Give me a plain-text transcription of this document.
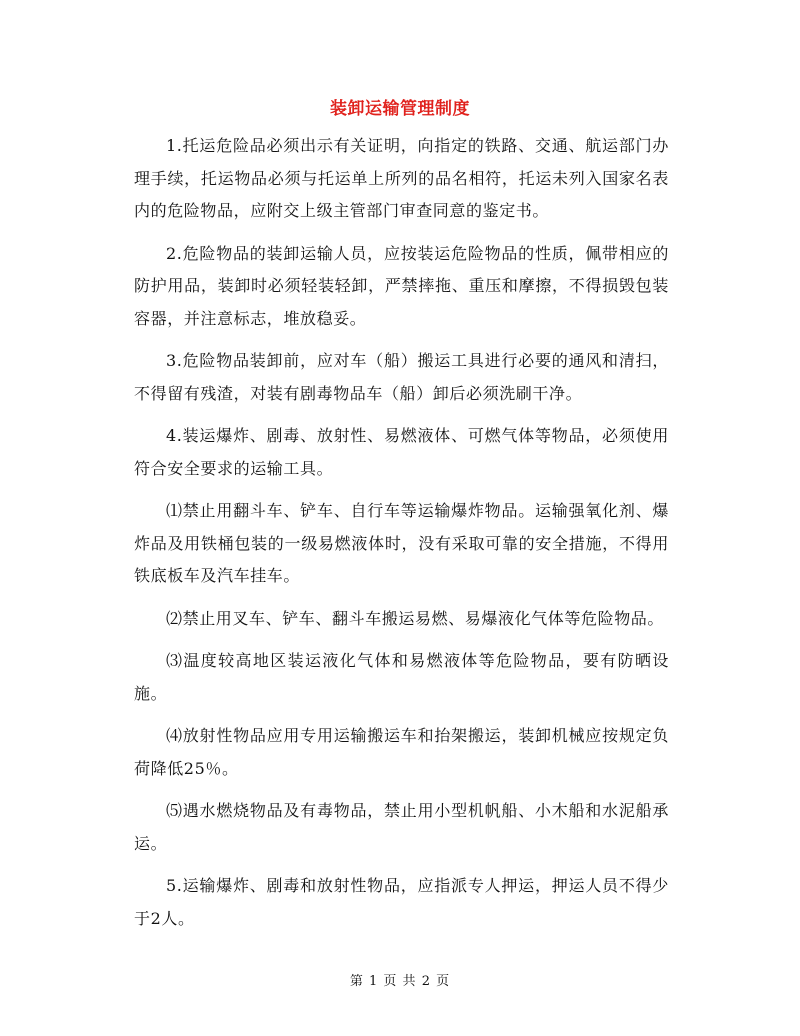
装卸运输管理制度

1.托运危险品必须出示有关证明，向指定的铁路、交通、航运部门办理手续，托运物品必须与托运单上所列的品名相符，托运未列入国家名表内的危险物品，应附交上级主管部门审查同意的鉴定书。

2.危险物品的装卸运输人员，应按装运危险物品的性质，佩带相应的防护用品，装卸时必须轻装轻卸，严禁摔拖、重压和摩擦，不得损毁包装容器，并注意标志，堆放稳妥。

3.危险物品装卸前，应对车（船）搬运工具进行必要的通风和清扫，不得留有残渣，对装有剧毒物品车（船）卸后必须洗刷干净。

4.装运爆炸、剧毒、放射性、易燃液体、可燃气体等物品，必须使用符合安全要求的运输工具。

⑴禁止用翻斗车、铲车、自行车等运输爆炸物品。运输强氧化剂、爆炸品及用铁桶包装的一级易燃液体时，没有采取可靠的安全措施，不得用铁底板车及汽车挂车。

⑵禁止用叉车、铲车、翻斗车搬运易燃、易爆液化气体等危险物品。

⑶温度较高地区装运液化气体和易燃液体等危险物品，要有防晒设施。

⑷放射性物品应用专用运输搬运车和抬架搬运，装卸机械应按规定负荷降低25％。

⑸遇水燃烧物品及有毒物品，禁止用小型机帆船、小木船和水泥船承运。

5.运输爆炸、剧毒和放射性物品，应指派专人押运，押运人员不得少于2人。

第 1 页 共 2 页
